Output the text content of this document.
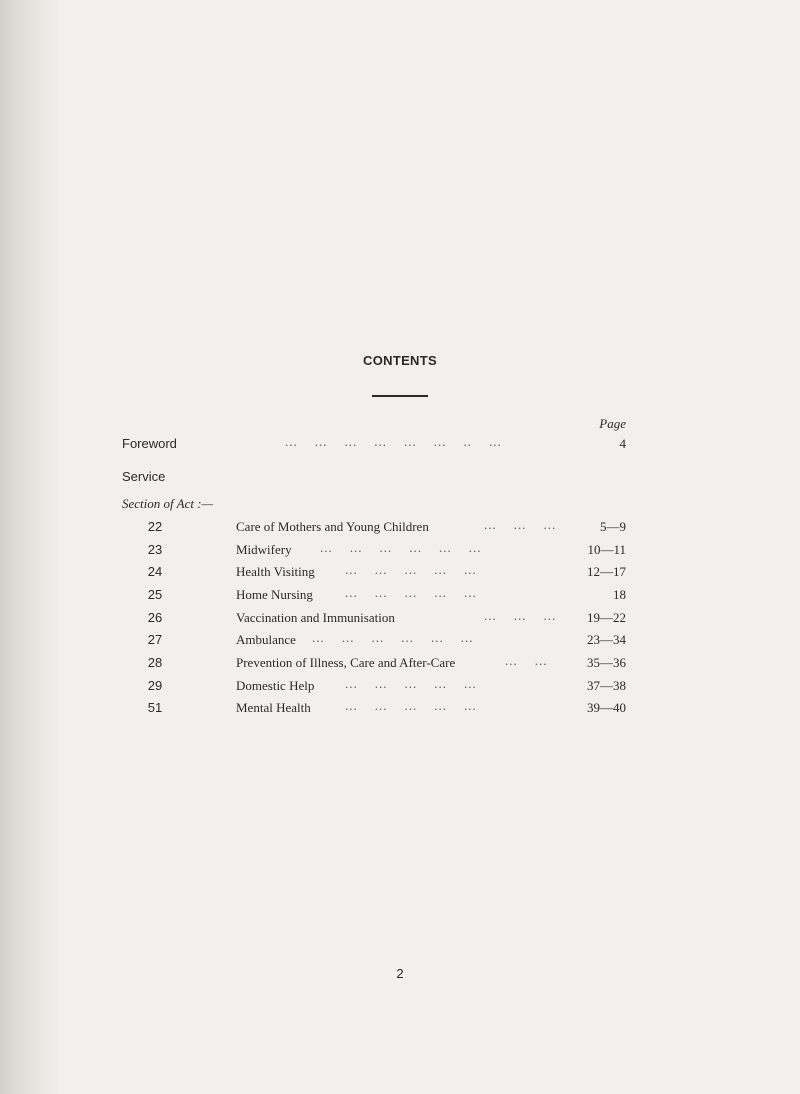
CONTENTS
Page
Foreword	...    ...    ...    ...    ...    ...    ..    ...	4
Service
Section of Act :—
22	Care of Mothers and Young Children	...    ...    ...	5—9
23	Midwifery ...    ...    ...    ...    ...    ...	10—11
24	Health Visiting ...    ...    ...    ...    ...	12—17
25	Home Nursing ...    ...    ...    ...    ...	18
26	Vaccination and Immunisation	...    ...    ...	19—22
27	Ambulance ...    ...    ...    ...    ...    ...	23—34
28	Prevention of Illness, Care and After-Care	...    ...	35—36
29	Domestic Help ...    ...    ...    ...    ...	37—38
51	Mental Health	...    ...    ...    ...    ...	39—40
2
